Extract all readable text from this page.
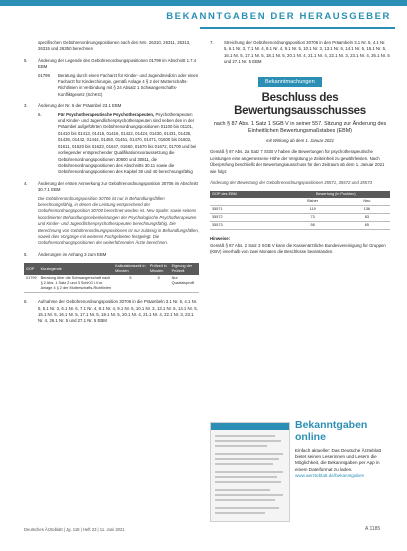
BEKANNTGABEN DER HERAUSGEBER
spezifischen Gebührenordnungspositionen nach den Nrn. 26310, 26311, 26313, 26315 und 26350 berechnen
5.	Änderung der Legende des Gebührenordnungspositionen 01799 im Abschnitt 1.7.4 EBM
01799	Beratung durch einen Facharzt für Kinder- und Jugendmedizin oder einen Facharzt für Kinderchirurgie, gemäß Anlage 4 § 2 der Mutterschafts-Richtlinien in Verbindung mit § 24 Absatz 1 Schwangerschafts-Konfliktgesetz (SchKG)
3.	Änderung der Nr. 6 der Präambel 23.1 EBM
6.	Für Psychotherapeutische Psychotherapeuten, Psychotherapeuten und Kinder- und Jugendlichenpsychotherapeuten sind neben den in der Präambel aufgeführten Gebührenordnungspositionen 01100 bis 01101, 01410 bis 01413, 01415, 01416, 01422, 01424, 01430, 01431, 01435, 01436, 01442, 01444, 01450, 01451, 01470, 01471, 01600 bis 01602, 01611, 01620 bis 01623, 01647, 01660, 01670 bis 01672, 01700 und bei vorliegender entsprechender Qualifikationsvoraussetzung die Gebührenordnungspositionen 30800 und 30811, die Gebührenordnungspositionen des Abschnitts 30.11 sowie die Gebührenordnungspositionen des Kapitel 35 und 40 berechnungsfähig
4.	Änderung der ersten Anmerkung zur Gebührenordnungsposition 30706 im Abschnitt 30.7.1 EBM
Die Gebührenordnungsposition 30706 ist nur in Behandlungsfällen berechnungsfähig, in denen die Leistung entsprechend der Gebührenordnungsposition 30700 berechnet worden ist. Neu-Spalte: sowie seitens koordinierter Behandlungsnebenleistungen der Psychologische Psychotherapeuten und Kinder- und Jugendlichenpsychotherapeuten berechnungsfähig. Die Berechnung von Gebührenordnungspositionen ist nur zulässig in Behandlungsfällen, soweit dies Vorgänge mit weiteren Fachgebieten festgelegt. Die Gebührenordnungspositionen der weiterführenden Ärzte berechnen.
5.	Änderungen im Anhang 3 zum EBM
GOP	Kurzlegende	Kalkulationszeit in Minuten	Prüfzeit in Minuten	Eignung der Prüfzeit
01799	Beratung über die Schwangerschaft nach § 2 Abs. 1 Satz 2 und 3 SchKG i.V.m. Anlage 4 § 2 der Mutterschafts-Richtlinien	5	5	Nur Quartalsprofil
6.	Aufnahme der Gebührenordnungsposition 30706 in die Präambeln 3.1 Nr. 5, 4.1 Nr. 5, 5.1 Nr. 3, 6.1 Nr. 6, 7.1 Nr. 4, 8.1 Nr. 4, 9.1 Nr. 5, 10.1 Nr. 3, 13.1 Nr. 6, 14.1 Nr. 5, 15.1 Nr. 5, 16.1 Nr. 5, 17.1 Nr. 5, 18.1 Nr. 5, 20.1 Nr. 4, 21.1 Nr. 4, 22.1 Nr. 3, 23.1 Nr. 4, 26.1 Nr. 5 und 27.1 Nr. 5 EBM
7.	Streichung der Gebührenordnungsposition 30706 in den Präambeln 3.1 Nr. 5, 4.1 Nr. 5, 6.1 Nr. 3, 7.1 Nr. 4, 8.1 Nr. 4, 9.1 Nr. 5, 10.1 Nr. 3, 13.1 Nr. 6, 14.1 Nr. 5, 15.1 Nr. 5, 16.1 Nr. 5, 17.1 Nr. 5, 18.1 Nr. 5, 20.1 Nr. 4, 21.1 Nr. 4, 22.1 Nr. 3, 23.1 Nr. 4, 26.1 Nr. 5 und 27.1 Nr. 5 EBM
Bekanntmachungen
Beschluss des Bewertungsausschusses
nach § 87 Abs. 1 Satz 1 SGB V in seiner 557. Sitzung zur Änderung des Einheitlichen Bewertungsmaßstabes (EBM)
mit Wirkung ab dem 1. Januar 2021
Gemäß § 87 Abs. 2a Satz 7 SGB V haben die Bewertungen für psychotherapeutische Leistungen eine angemessene Höhe der Vergütung je Zeiteinheit zu gewährleisten. Nach Überprüfung beschließt der Bewertungsausschuss für den Zeitraum ab dem 1. Januar 2021 wie folgt:
Änderung der Bewertung der Gebührenordnungspositionen 35571, 35572 und 35573
GOP des EBM	Bewertung (in Punkten)	
	Bisher	Neu
35571	119	136
35572	73	83
35573	58	65
Hinweise:
Gemäß § 87 Abs. 2 Satz 3 SGB V kann die Kassenärztliche Bundesvereinigung für Gruppen (KBV) innerhalb von zwei Monaten die Beschlüsse beanstanden.
Bekanntgaben
online
Einfach aktueller: Das Deutsche Ärzteblatt bietet seinen Leserinnen und Lesern die Möglichkeit, die Bekanntgaben per App in einem Dateiformat zu laden. www.aerzteblatt.de/bekanntgaben
Deutsches Ärzteblatt | Jg. 118 | Heft 23 | 11. Juni 2021	A 1185
